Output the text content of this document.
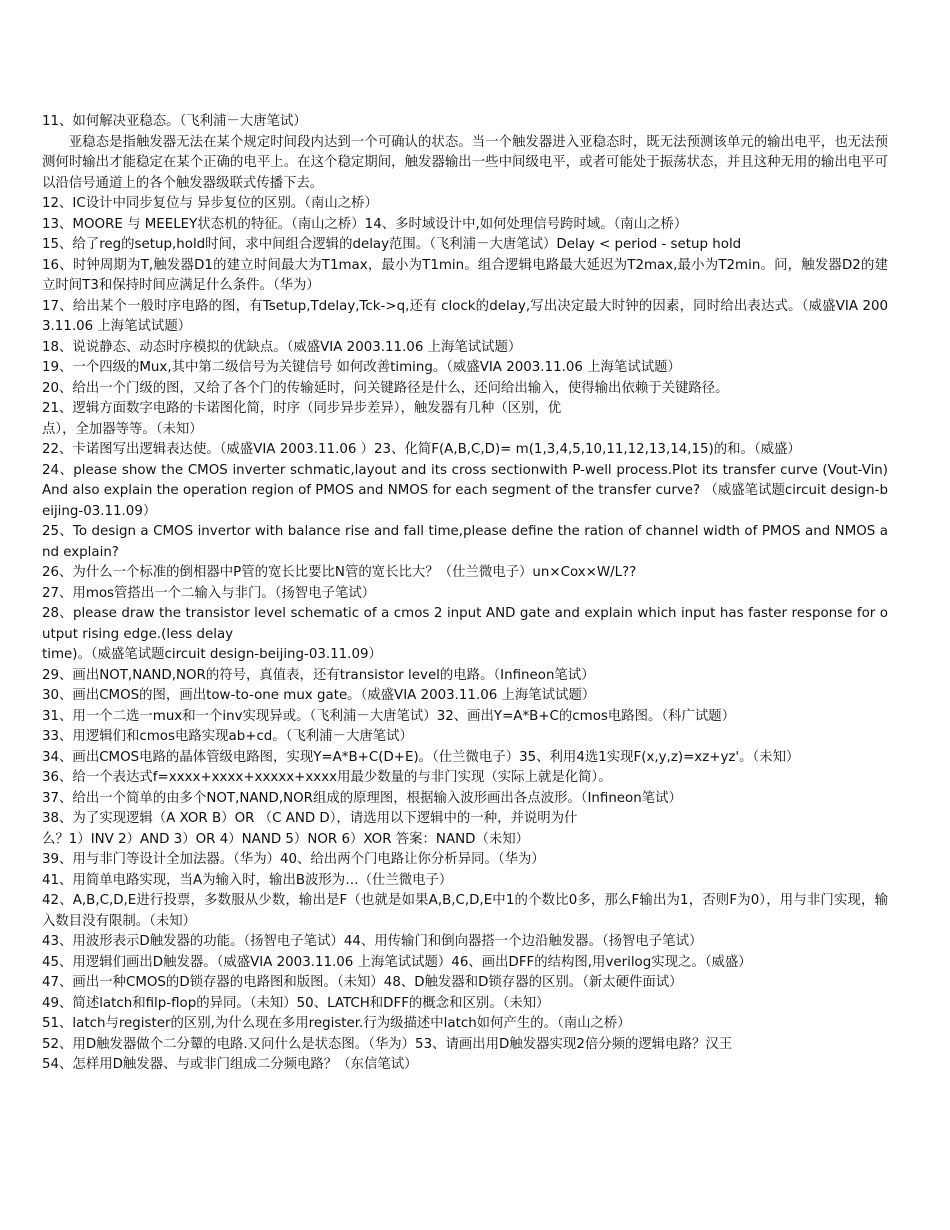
11、如何解决亚稳态。（飞利浦－大唐笔试）

亚稳态是指触发器无法在某个规定时间段内达到一个可确认的状态。当一个触发器进入亚稳态时，既无法预测该单元的输出电平，也无法预测何时输出才能稳定在某个正确的电平上。在这个稳定期间，触发器输出一些中间级电平，或者可能处于振荡状态，并且这种无用的输出电平可以沿信号通道上的各个触发器级联式传播下去。

12、IC设计中同步复位与 异步复位的区别。（南山之桥）

13、MOORE 与 MEELEY状态机的特征。（南山之桥）14、多时域设计中,如何处理信号跨时域。（南山之桥）

15、给了reg的setup,hold时间，求中间组合逻辑的delay范围。（飞利浦－大唐笔试）Delay < period - setup hold

16、时钟周期为T,触发器D1的建立时间最大为T1max，最小为T1min。组合逻辑电路最大延迟为T2max,最小为T2min。问，触发器D2的建立时间T3和保持时间应满足什么条件。（华为）

17、给出某个一般时序电路的图，有Tsetup,Tdelay,Tck->q,还有 clock的delay,写出决定最大时钟的因素，同时给出表达式。（威盛VIA 2003.11.06 上海笔试试题）

18、说说静态、动态时序模拟的优缺点。（威盛VIA 2003.11.06 上海笔试试题）

19、一个四级的Mux,其中第二级信号为关键信号 如何改善timing。（威盛VIA 2003.11.06 上海笔试试题）

20、给出一个门级的图，又给了各个门的传输延时，问关键路径是什么，还问给出输入，使得输出依赖于关键路径。

21、逻辑方面数字电路的卡诺图化简，时序（同步异步差异），触发器有几种（区别，优

点），全加器等等。（未知）

22、卡诺图写出逻辑表达使。（威盛VIA 2003.11.06 ）23、化简F(A,B,C,D)= m(1,3,4,5,10,11,12,13,14,15)的和。（威盛）

24、please show the CMOS inverter schmatic,layout and its cross sectionwith P-well process.Plot its transfer curve (Vout-Vin) And also explain the operation region of PMOS and NMOS for each segment of the transfer curve? （威盛笔试题circuit design-beijing-03.11.09）

25、To design a CMOS invertor with balance rise and fall time,please define the ration of channel width of PMOS and NMOS and explain?

26、为什么一个标准的倒相器中P管的宽长比要比N管的宽长比大？（仕兰微电子）un×Cox×W/L??

27、用mos管搭出一个二输入与非门。（扬智电子笔试）

28、please draw the transistor level schematic of a cmos 2 input AND gate and explain which input has faster response for output rising edge.(less delay

time)。（威盛笔试题circuit design-beijing-03.11.09）

29、画出NOT,NAND,NOR的符号，真值表，还有transistor level的电路。（Infineon笔试）

30、画出CMOS的图，画出tow-to-one mux gate。（威盛VIA 2003.11.06 上海笔试试题）

31、用一个二选一mux和一个inv实现异或。（飞利浦－大唐笔试）32、画出Y=A*B+C的cmos电路图。（科广试题）

33、用逻辑们和cmos电路实现ab+cd。（飞利浦－大唐笔试）

34、画出CMOS电路的晶体管级电路图，实现Y=A*B+C(D+E)。（仕兰微电子）35、利用4选1实现F(x,y,z)=xz+yz'。（未知）

36、给一个表达式f=xxxx+xxxx+xxxxx+xxxx用最少数量的与非门实现（实际上就是化简）。

37、给出一个简单的由多个NOT,NAND,NOR组成的原理图，根据输入波形画出各点波形。（Infineon笔试）

38、为了实现逻辑（A XOR B）OR （C AND D），请选用以下逻辑中的一种，并说明为什

么？1）INV 2）AND 3）OR 4）NAND 5）NOR 6）XOR 答案：NAND（未知）

39、用与非门等设计全加法器。（华为）40、给出两个门电路让你分析异同。（华为）

41、用简单电路实现，当A为输入时，输出B波形为…（仕兰微电子）

42、A,B,C,D,E进行投票，多数服从少数，输出是F（也就是如果A,B,C,D,E中1的个数比0多，那么F输出为1，否则F为0），用与非门实现，输入数目没有限制。（未知）

43、用波形表示D触发器的功能。（扬智电子笔试）44、用传输门和倒向器搭一个边沿触发器。（扬智电子笔试）

45、用逻辑们画出D触发器。（威盛VIA 2003.11.06 上海笔试试题）46、画出DFF的结构图,用verilog实现之。（威盛）

47、画出一种CMOS的D锁存器的电路图和版图。（未知）48、D触发器和D锁存器的区别。（新太硬件面试）

49、简述latch和filp-flop的异同。（未知）50、LATCH和DFF的概念和区别。（未知）

51、latch与register的区别,为什么现在多用register.行为级描述中latch如何产生的。（南山之桥）

52、用D触发器做个二分颦的电路.又问什么是状态图。（华为）53、请画出用D触发器实现2倍分频的逻辑电路？汉王

54、怎样用D触发器、与或非门组成二分频电路？（东信笔试）
